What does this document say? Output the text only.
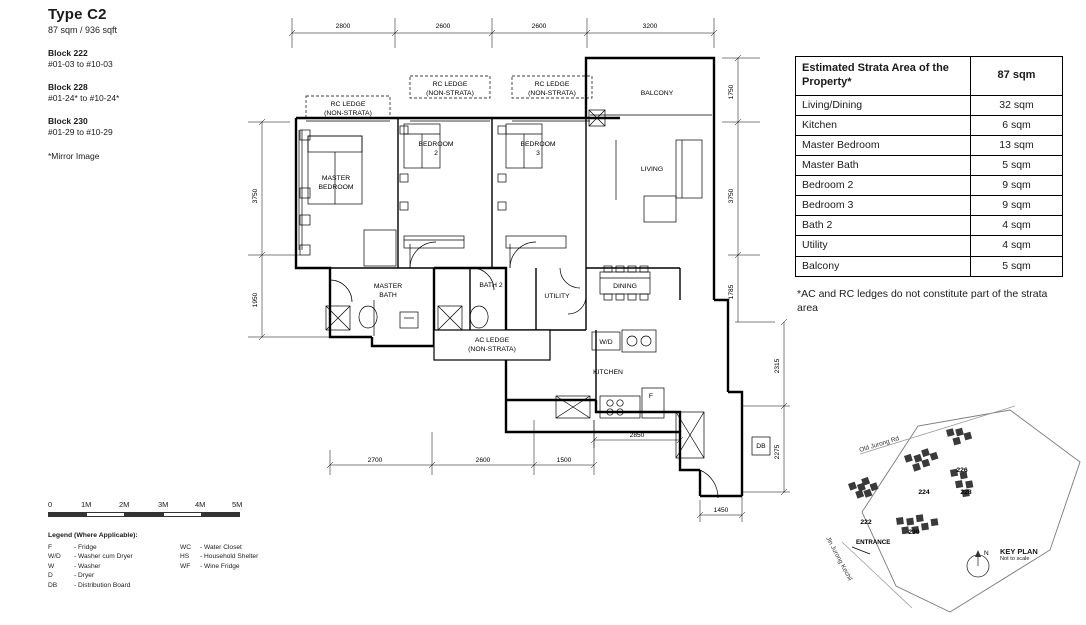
Type C2
87 sqm / 936 sqft
Block 222
#01-03 to #10-03
Block 228
#01-24* to #10-24*
Block 230
#01-29 to #10-29
*Mirror Image
0	1M	2M	3M	4M	5M
Legend (Where Applicable):
F	- Fridge	WC	- Water Closet
W/D	- Washer cum Dryer	HS	- Household Shelter
W	- Washer	WF	- Wine Fridge
D	- Dryer		
DB	- Distribution Board		
Estimated Strata Area of the Property*	87 sqm
Living/Dining	32 sqm
Kitchen	6 sqm
Master Bedroom	13 sqm
Master Bath	5 sqm
Bedroom 2	9 sqm
Bedroom 3	9 sqm
Bath 2	4 sqm
Utility	4 sqm
Balcony	5 sqm
*AC and RC ledges do not constitute part of the strata area
MASTER BEDROOM
BEDROOM 2
BEDROOM 3
BALCONY
LIVING
DINING
KITCHEN
UTILITY
MASTER BATH
BATH 2
RC LEDGE (NON-STRATA)
RC LEDGE (NON-STRATA)
RC LEDGE (NON-STRATA)
AC LEDGE (NON-STRATA)
W/D
F
DB
2800	2600	2600	3200
2700	2600	1500
2850
1450
3750
1950
1750
3750
1785
2315
2275	Old Jurong Rd
Jln Jurong Kechil
222
224
226
228
230
ENTRANCE
N KEY PLAN
Not to scale
